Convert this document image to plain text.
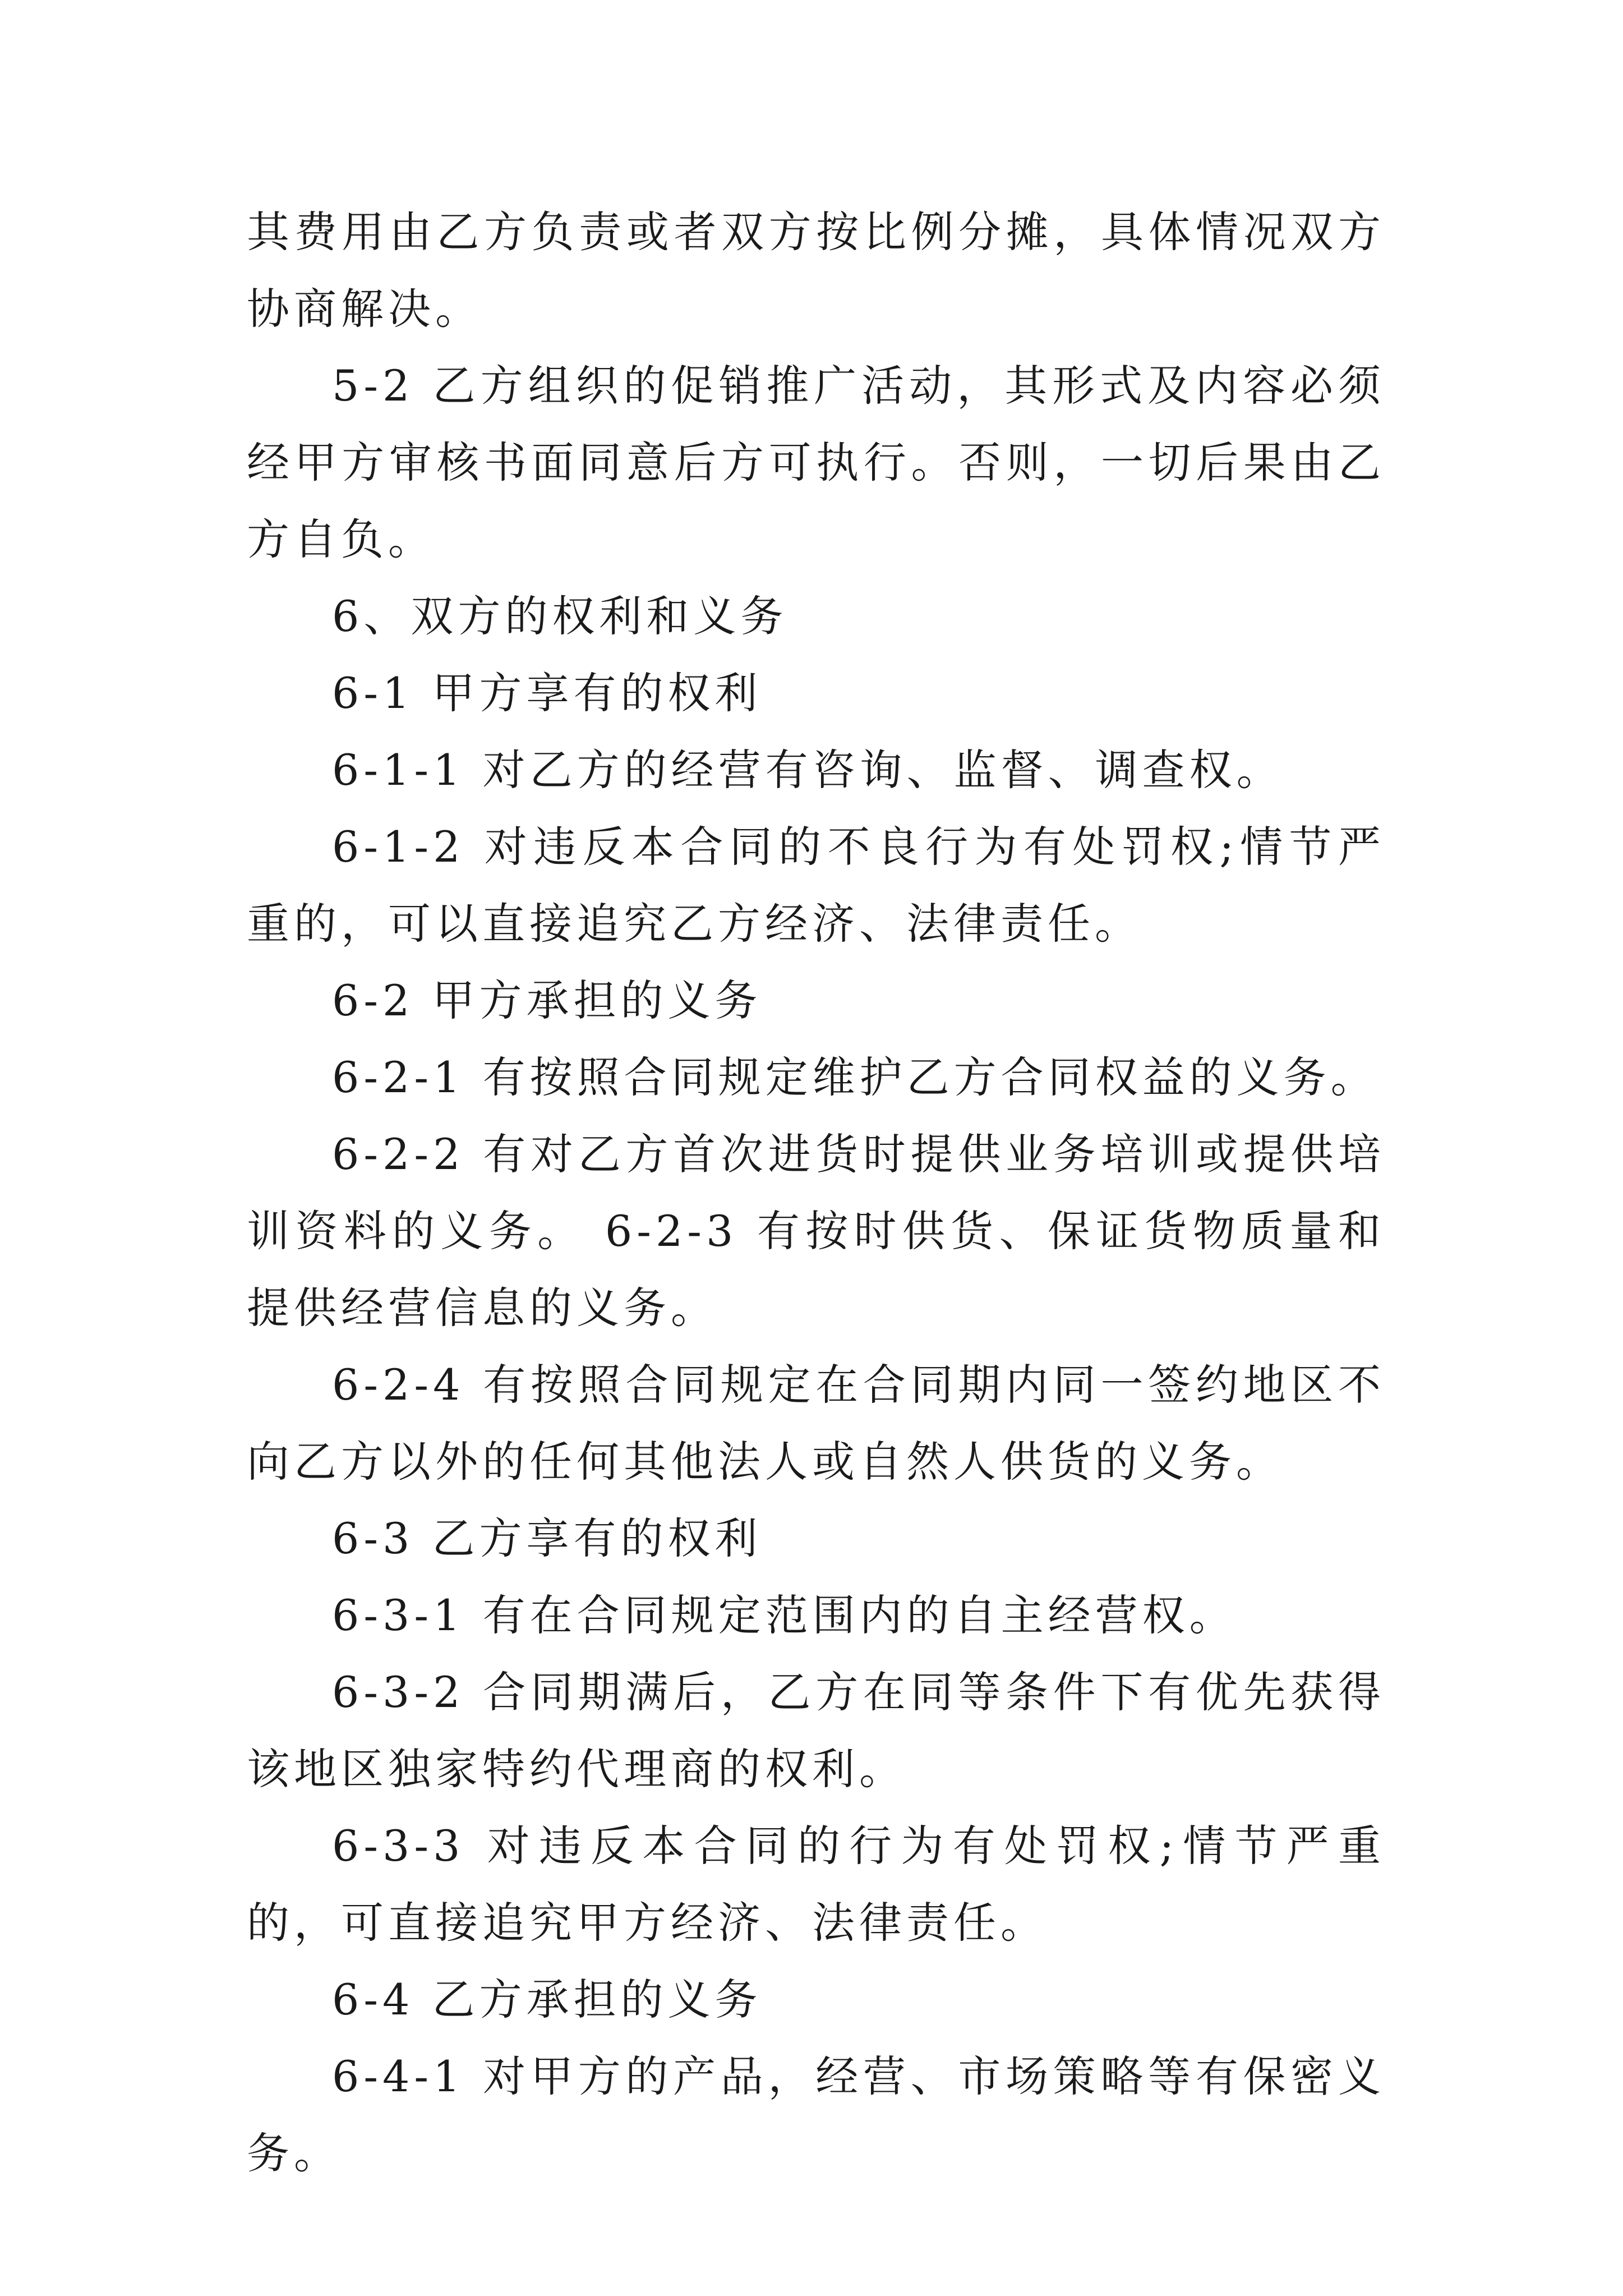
其费用由乙方负责或者双方按比例分摊，具体情况双方协商解决。

5-2 乙方组织的促销推广活动，其形式及内容必须经甲方审核书面同意后方可执行。否则，一切后果由乙方自负。

6、双方的权利和义务

6-1 甲方享有的权利

6-1-1 对乙方的经营有咨询、监督、调查权。

6-1-2 对违反本合同的不良行为有处罚权;情节严重的，可以直接追究乙方经济、法律责任。

6-2 甲方承担的义务

6-2-1 有按照合同规定维护乙方合同权益的义务。

6-2-2 有对乙方首次进货时提供业务培训或提供培训资料的义务。 6-2-3 有按时供货、保证货物质量和提供经营信息的义务。

6-2-4 有按照合同规定在合同期内同一签约地区不向乙方以外的任何其他法人或自然人供货的义务。

6-3 乙方享有的权利

6-3-1 有在合同规定范围内的自主经营权。

6-3-2 合同期满后，乙方在同等条件下有优先获得该地区独家特约代理商的权利。

6-3-3 对违反本合同的行为有处罚权;情节严重的，可直接追究甲方经济、法律责任。

6-4 乙方承担的义务

6-4-1 对甲方的产品，经营、市场策略等有保密义务。
